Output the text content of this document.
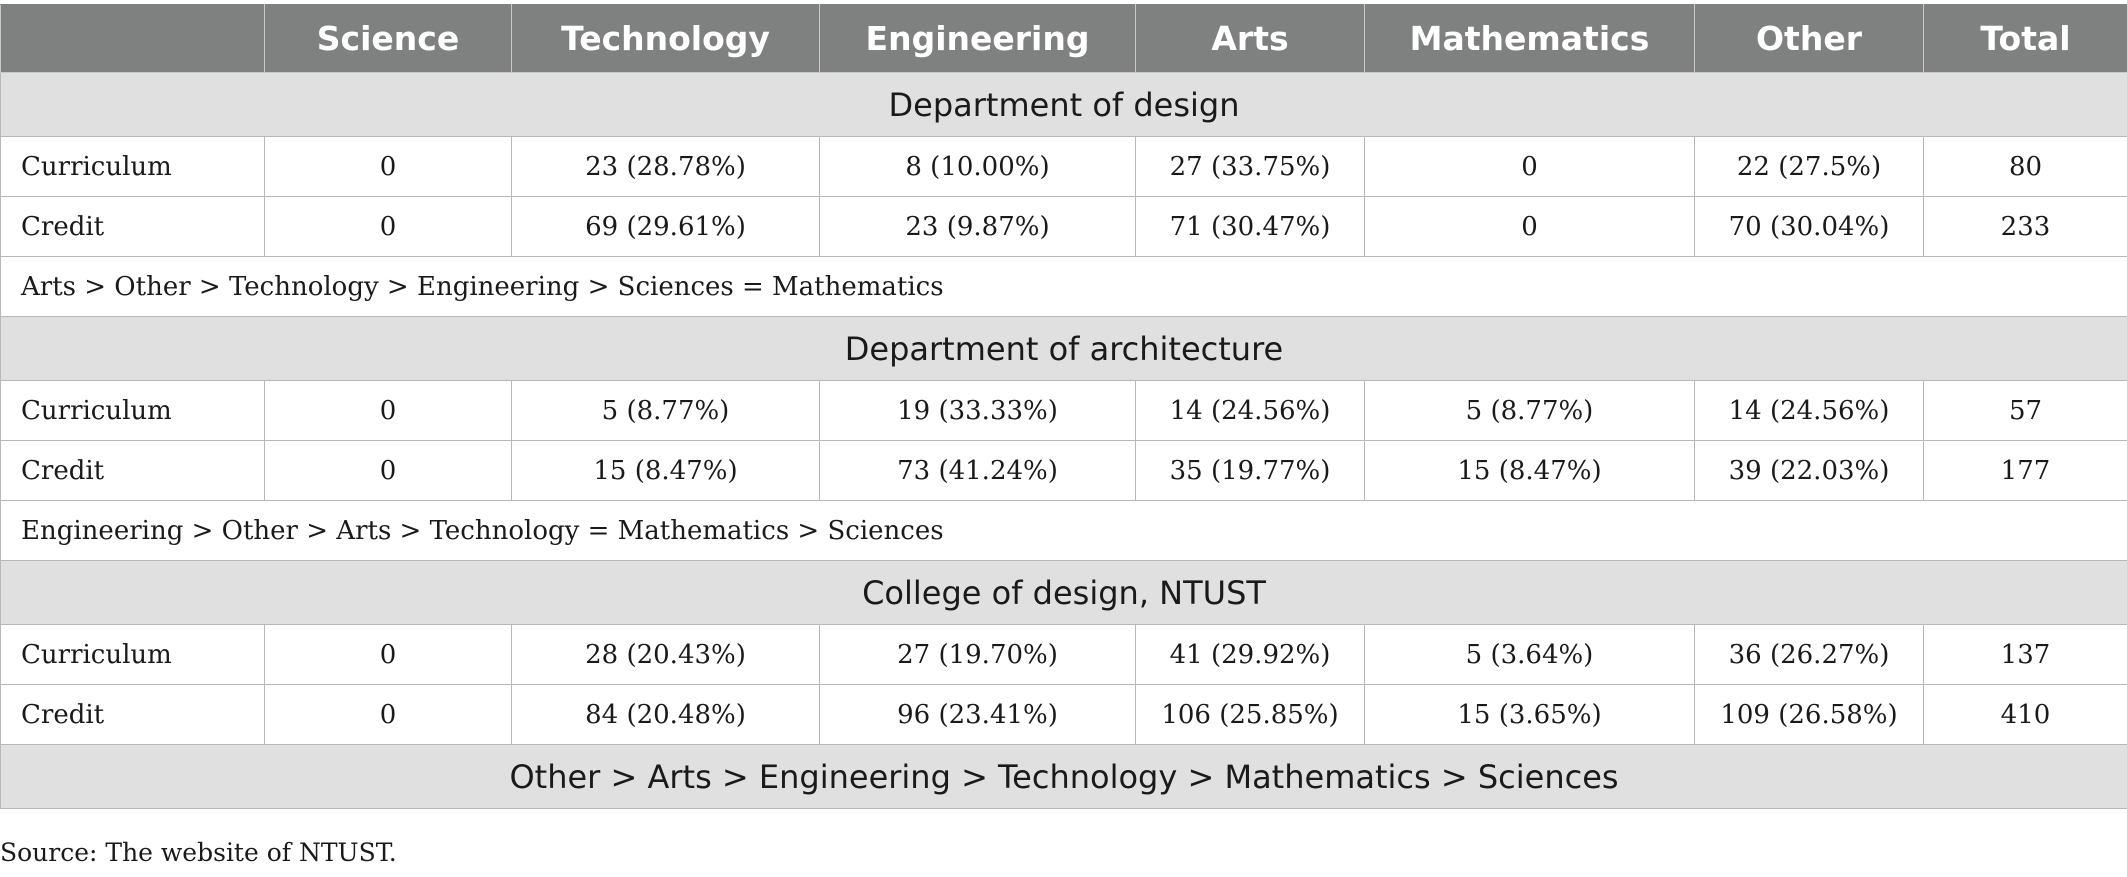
	Science	Technology	Engineering	Arts	Mathematics	Other	Total
Department of design							
Curriculum	0	23 (28.78%)	8 (10.00%)	27 (33.75%)	0	22 (27.5%)	80
Credit	0	69 (29.61%)	23 (9.87%)	71 (30.47%)	0	70 (30.04%)	233
Arts > Other > Technology > Engineering > Sciences = Mathematics							
Department of architecture							
Curriculum	0	5 (8.77%)	19 (33.33%)	14 (24.56%)	5 (8.77%)	14 (24.56%)	57
Credit	0	15 (8.47%)	73 (41.24%)	35 (19.77%)	15 (8.47%)	39 (22.03%)	177
Engineering > Other > Arts > Technology = Mathematics > Sciences							
College of design, NTUST							
Curriculum	0	28 (20.43%)	27 (19.70%)	41 (29.92%)	5 (3.64%)	36 (26.27%)	137
Credit	0	84 (20.48%)	96 (23.41%)	106 (25.85%)	15 (3.65%)	109 (26.58%)	410
Other > Arts > Engineering > Technology > Mathematics > Sciences							
Source: The website of NTUST.
